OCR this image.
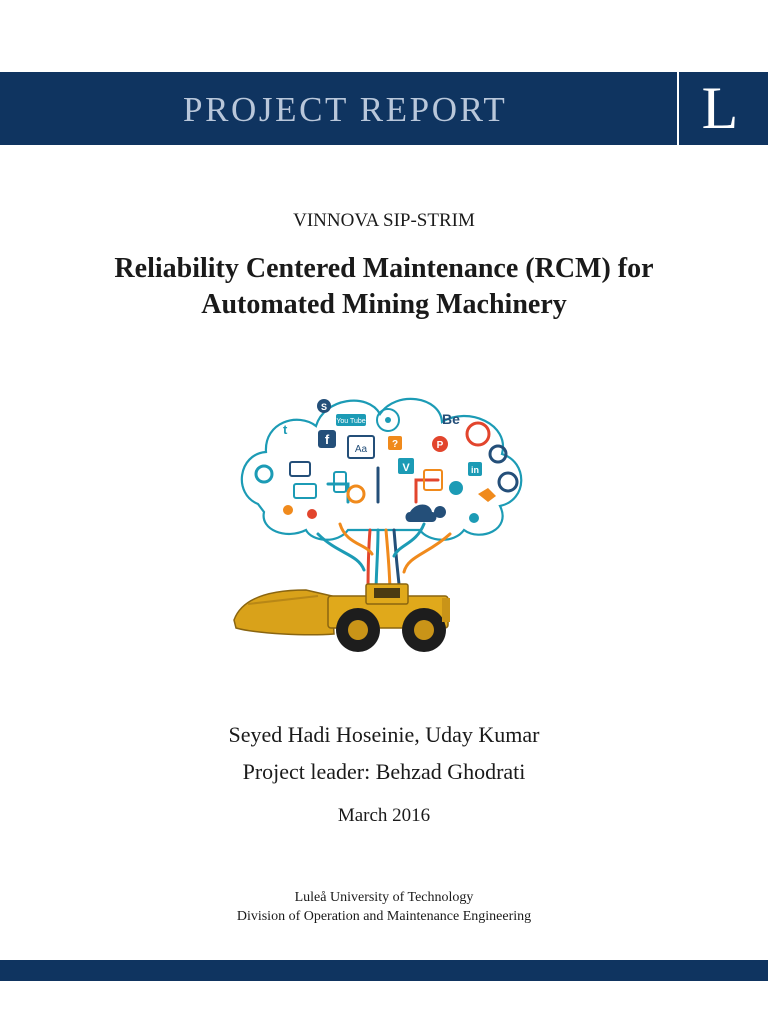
PROJECT REPORT	L
VINNOVA SIP-STRIM
Reliability Centered Maintenance (RCM) for
Automated Mining Machinery
f
You Tube
Aa
Be
in
V
t
S
?	P
Seyed Hadi Hoseinie, Uday Kumar
Project leader: Behzad Ghodrati
March 2016
Luleå University of Technology
Division of Operation and Maintenance Engineering
